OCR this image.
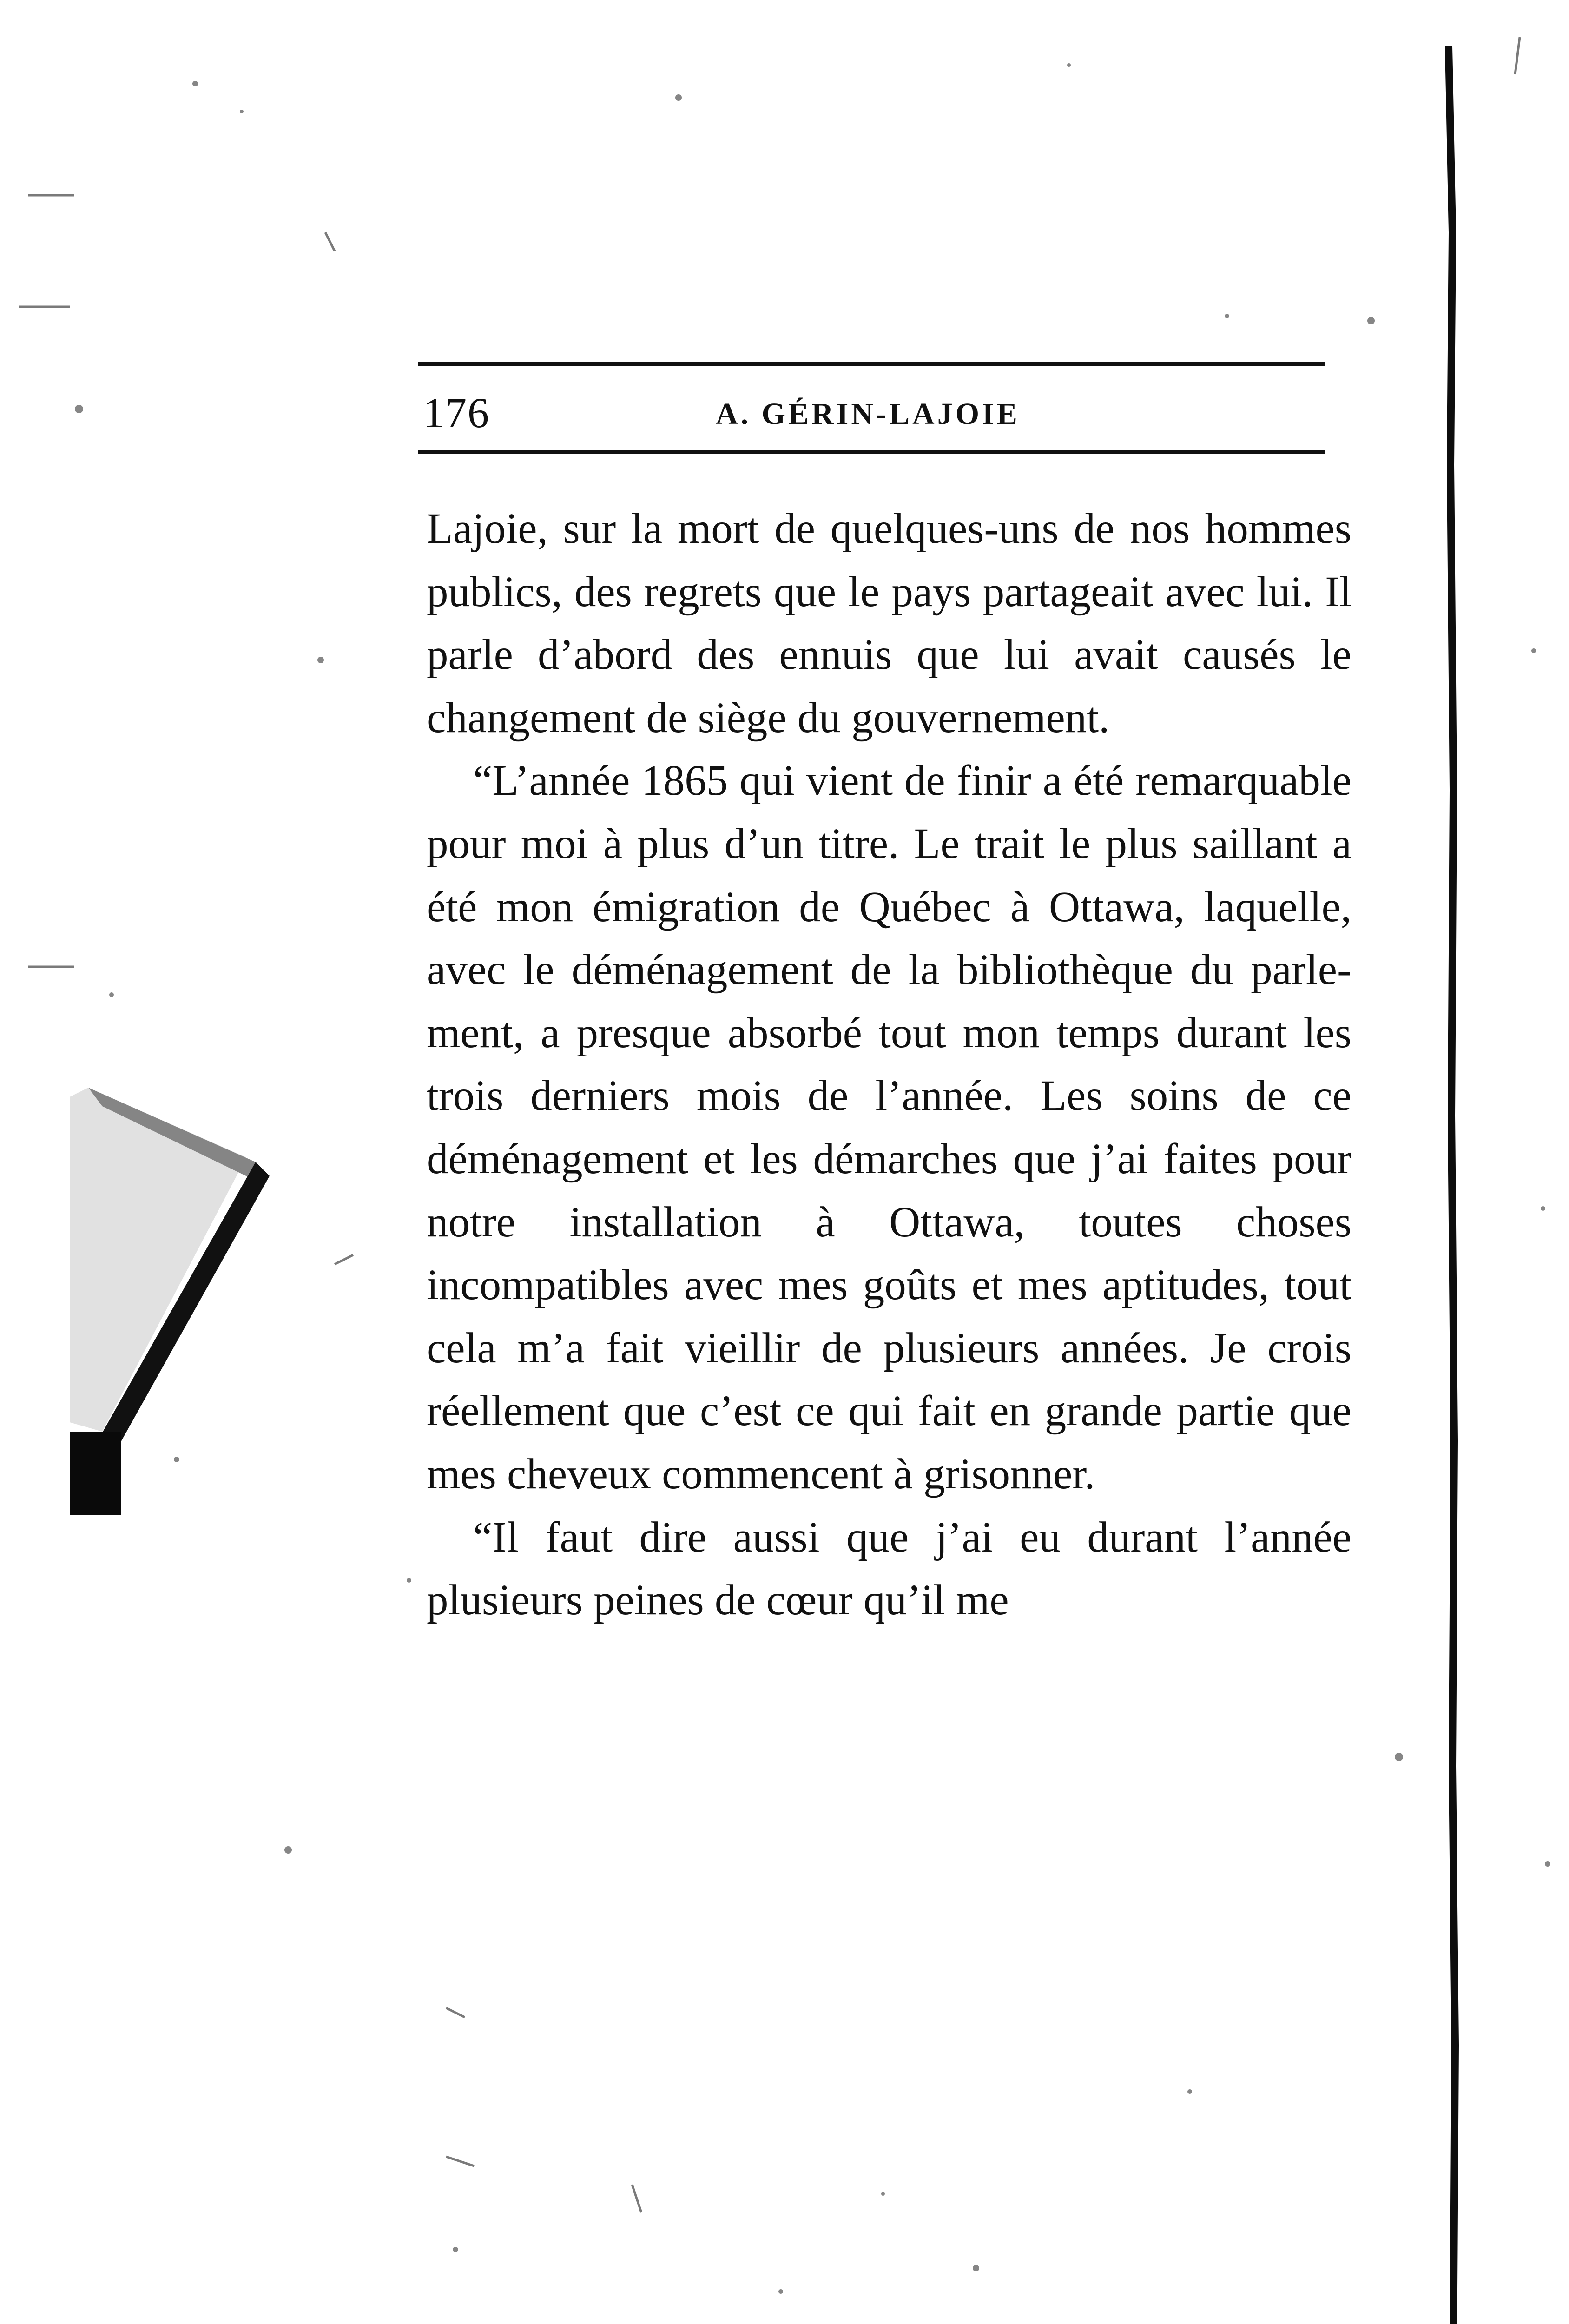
176	A. GÉRIN-LAJOIE

Lajoie, sur la mort de quelques-uns de nos hommes publics, des regrets que le pays partageait avec lui. Il parle d’abord des ennuis que lui avait causés le changement de siège du gouvernement.

“L’année 1865 qui vient de finir a été remarquable pour moi à plus d’un titre. Le trait le plus saillant a été mon émigration de Québec à Ottawa, laquelle, avec le déménagement de la bibliothèque du parlement, a presque absorbé tout mon temps durant les trois derniers mois de l’année. Les soins de ce déménagement et les démarches que j’ai faites pour notre installation à Ottawa, toutes choses incompatibles avec mes goûts et mes aptitudes, tout cela m’a fait vieillir de plusieurs années. Je crois réellement que c’est ce qui fait en grande partie que mes cheveux commencent à grisonner.

“Il faut dire aussi que j’ai eu durant l’année plusieurs peines de cœur qu’il me
